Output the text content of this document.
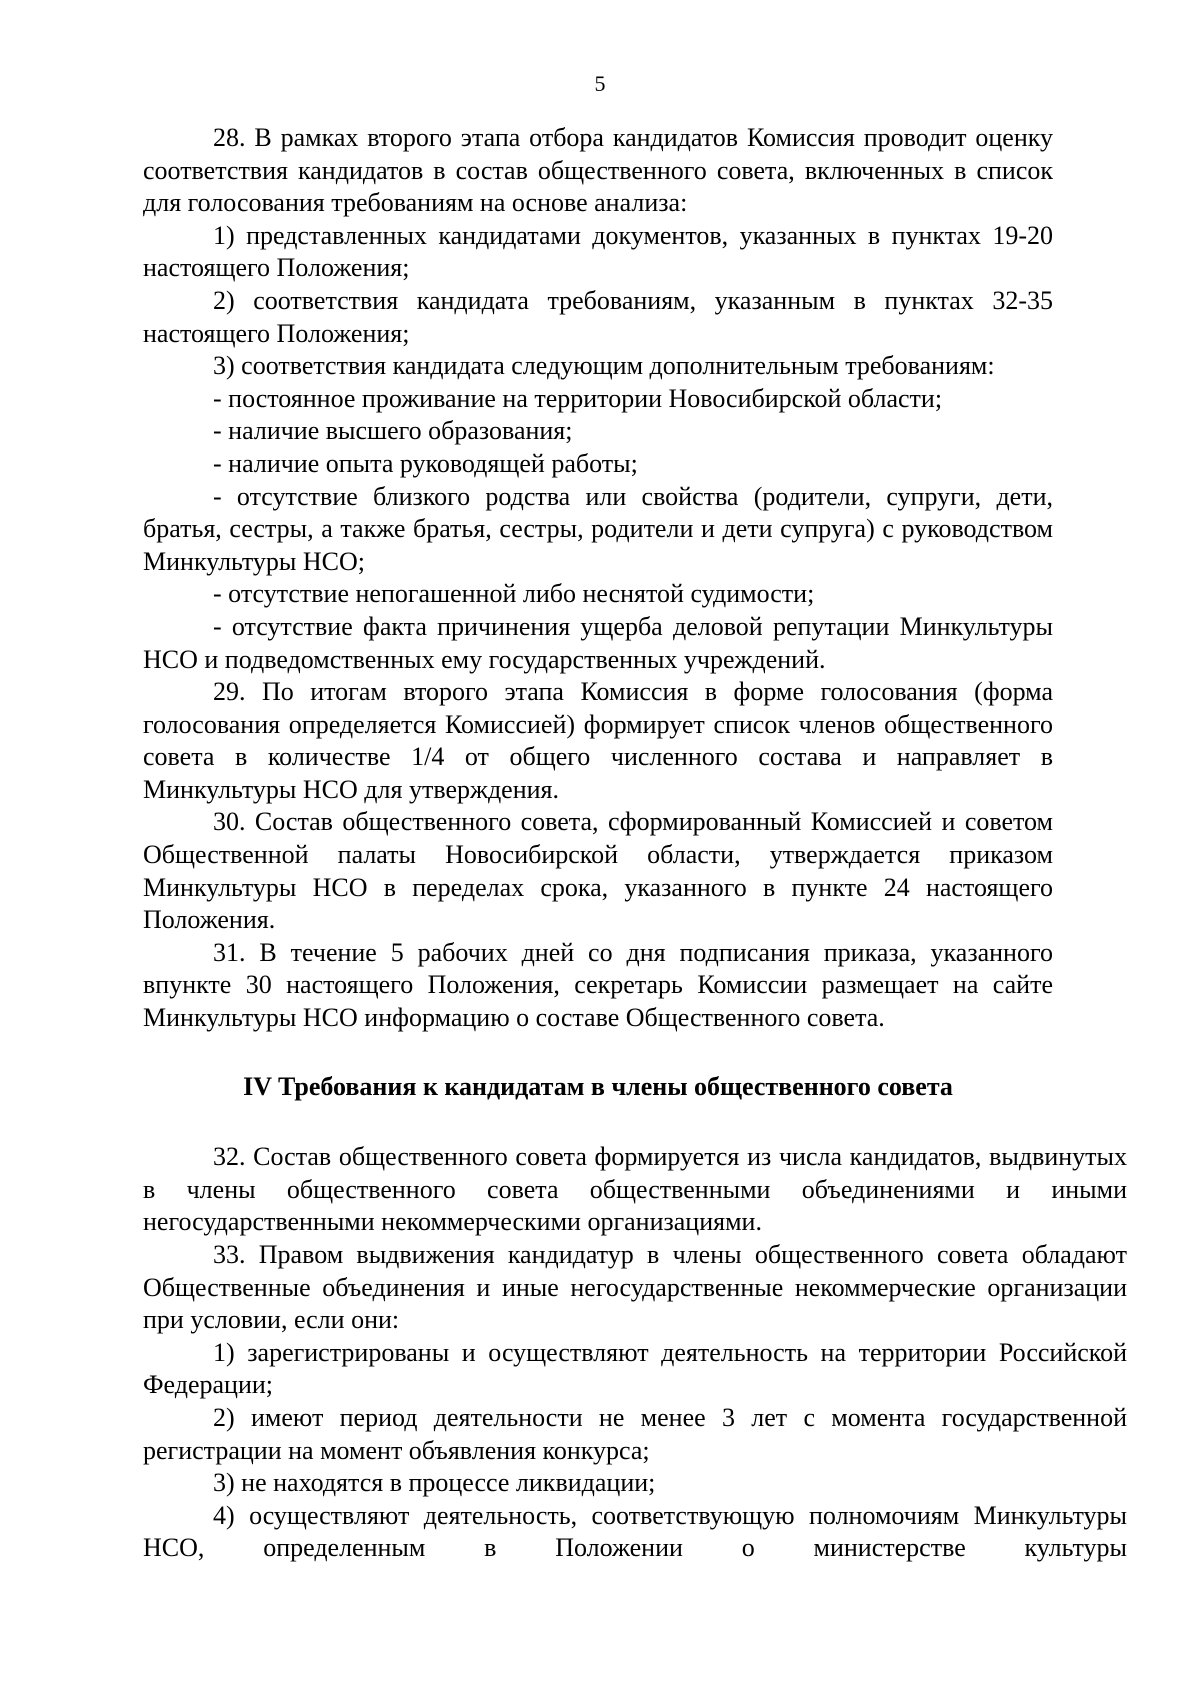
5

28. В рамках второго этапа отбора кандидатов Комиссия проводит оценку соответствия кандидатов в состав общественного совета, включенных в список для голосования требованиям на основе анализа:

1) представленных кандидатами документов, указанных в пунктах 19-20 настоящего Положения;

2) соответствия кандидата требованиям, указанным в пунктах 32-35 настоящего Положения;

3) соответствия кандидата следующим дополнительным требованиям:

- постоянное проживание на территории Новосибирской области;

- наличие высшего образования;

- наличие опыта руководящей работы;

- отсутствие близкого родства или свойства (родители, супруги, дети, братья, сестры, а также братья, сестры, родители и дети супруга) с руководством Минкультуры НСО;

- отсутствие непогашенной либо неснятой судимости;

- отсутствие факта причинения ущерба деловой репутации Минкультуры НСО и подведомственных ему государственных учреждений.

29. По итогам второго этапа Комиссия в форме голосования (форма голосования определяется Комиссией) формирует список членов общественного совета в количестве 1/4 от общего численного состава и направляет в Минкультуры НСО для утверждения.

30. Состав общественного совета, сформированный Комиссией и советом Общественной палаты Новосибирской области, утверждается приказом Минкультуры НСО в переделах срока, указанного в пункте 24 настоящего Положения.

31. В течение 5 рабочих дней со дня подписания приказа, указанного впункте 30 настоящего Положения, секретарь Комиссии размещает на сайте Минкультуры НСО информацию о составе Общественного совета.

IV Требования к кандидатам в члены общественного совета

32. Состав общественного совета формируется из числа кандидатов, выдвинутых в члены общественного совета общественными объединениями и иными негосударственными некоммерческими организациями.

33. Правом выдвижения кандидатур в члены общественного совета обладают Общественные объединения и иные негосударственные некоммерческие организации при условии, если они:

1) зарегистрированы и осуществляют деятельность на территории Российской Федерации;

2) имеют период деятельности не менее 3 лет с момента государственной регистрации на момент объявления конкурса;

3) не находятся в процессе ликвидации;

4) осуществляют деятельность, соответствующую полномочиям Минкультуры НСО, определенным в Положении о министерстве культуры
